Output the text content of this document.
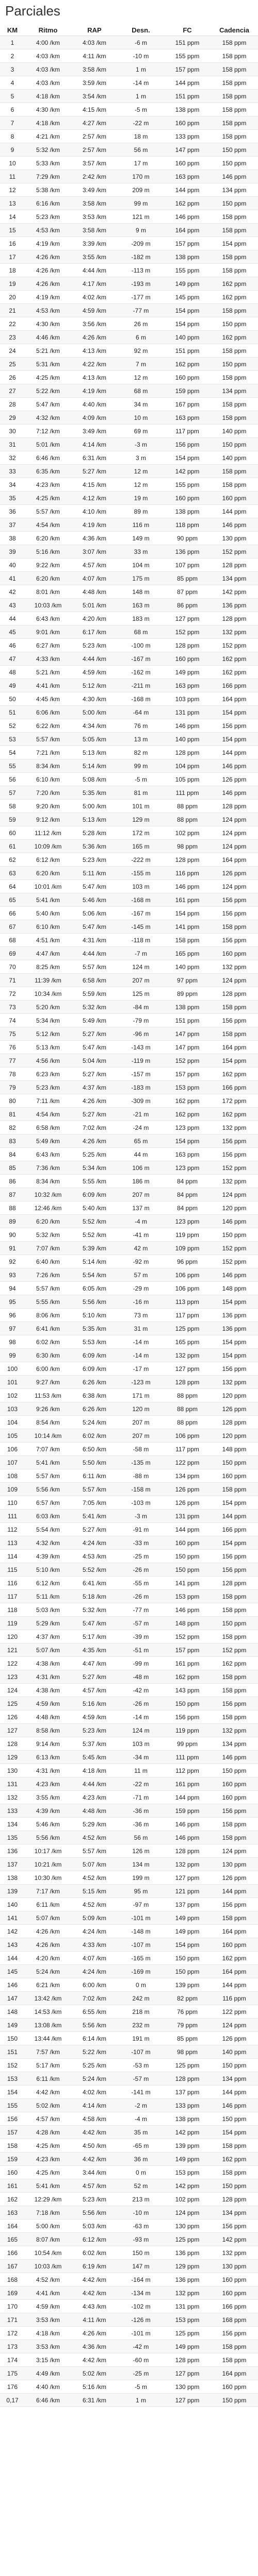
Parciales
KM	Ritmo	RAP	Desn.	FC	Cadencia
1	4:00 /km	4:03 /km	-6 m	151 ppm	158 ppm
2	4:03 /km	4:11 /km	-10 m	155 ppm	158 ppm
3	4:03 /km	3:58 /km	1 m	157 ppm	158 ppm
4	4:03 /km	3:59 /km	-14 m	144 ppm	158 ppm
5	4:18 /km	3:54 /km	1 m	151 ppm	158 ppm
6	4:30 /km	4:15 /km	-5 m	138 ppm	158 ppm
7	4:18 /km	4:27 /km	-22 m	160 ppm	158 ppm
8	4:21 /km	2:57 /km	18 m	133 ppm	158 ppm
9	5:32 /km	2:57 /km	56 m	147 ppm	150 ppm
10	5:33 /km	3:57 /km	17 m	160 ppm	150 ppm
11	7:29 /km	2:42 /km	170 m	163 ppm	146 ppm
12	5:38 /km	3:49 /km	209 m	144 ppm	134 ppm
13	6:16 /km	3:58 /km	99 m	162 ppm	150 ppm
14	5:23 /km	3:53 /km	121 m	146 ppm	158 ppm
15	4:53 /km	3:58 /km	9 m	164 ppm	158 ppm
16	4:19 /km	3:39 /km	-209 m	157 ppm	154 ppm
17	4:26 /km	3:55 /km	-182 m	138 ppm	158 ppm
18	4:26 /km	4:44 /km	-113 m	155 ppm	158 ppm
19	4:26 /km	4:17 /km	-193 m	149 ppm	162 ppm
20	4:19 /km	4:02 /km	-177 m	145 ppm	162 ppm
21	4:53 /km	4:59 /km	-77 m	154 ppm	158 ppm
22	4:30 /km	3:56 /km	26 m	154 ppm	150 ppm
23	4:46 /km	4:26 /km	6 m	140 ppm	162 ppm
24	5:21 /km	4:13 /km	92 m	151 ppm	158 ppm
25	5:31 /km	4:22 /km	7 m	162 ppm	150 ppm
26	4:25 /km	4:13 /km	12 m	160 ppm	158 ppm
27	5:22 /km	4:19 /km	68 m	159 ppm	134 ppm
28	5:47 /km	4:40 /km	34 m	167 ppm	158 ppm
29	4:32 /km	4:09 /km	10 m	163 ppm	158 ppm
30	7:12 /km	3:49 /km	69 m	117 ppm	140 ppm
31	5:01 /km	4:14 /km	-3 m	156 ppm	150 ppm
32	6:46 /km	6:31 /km	3 m	154 ppm	140 ppm
33	6:35 /km	5:27 /km	12 m	142 ppm	158 ppm
34	4:23 /km	4:15 /km	12 m	155 ppm	158 ppm
35	4:25 /km	4:12 /km	19 m	160 ppm	160 ppm
36	5:57 /km	4:10 /km	89 m	138 ppm	144 ppm
37	4:54 /km	4:19 /km	116 m	118 ppm	146 ppm
38	6:20 /km	4:36 /km	149 m	90 ppm	130 ppm
39	5:16 /km	3:07 /km	33 m	136 ppm	152 ppm
40	9:22 /km	4:57 /km	104 m	107 ppm	128 ppm
41	6:20 /km	4:07 /km	175 m	85 ppm	134 ppm
42	8:01 /km	4:48 /km	148 m	87 ppm	142 ppm
43	10:03 /km	5:01 /km	163 m	86 ppm	136 ppm
44	6:43 /km	4:20 /km	183 m	127 ppm	128 ppm
45	9:01 /km	6:17 /km	68 m	152 ppm	132 ppm
46	6:27 /km	5:23 /km	-100 m	128 ppm	152 ppm
47	4:33 /km	4:44 /km	-167 m	160 ppm	162 ppm
48	5:21 /km	4:59 /km	-162 m	149 ppm	162 ppm
49	4:41 /km	5:12 /km	-211 m	163 ppm	166 ppm
50	4:45 /km	4:30 /km	-168 m	103 ppm	164 ppm
51	6:06 /km	5:00 /km	-64 m	131 ppm	154 ppm
52	6:22 /km	4:34 /km	76 m	146 ppm	156 ppm
53	5:57 /km	5:05 /km	13 m	140 ppm	154 ppm
54	7:21 /km	5:13 /km	82 m	128 ppm	144 ppm
55	8:34 /km	5:14 /km	99 m	104 ppm	146 ppm
56	6:10 /km	5:08 /km	-5 m	105 ppm	126 ppm
57	7:20 /km	5:35 /km	81 m	111 ppm	146 ppm
58	9:20 /km	5:00 /km	101 m	88 ppm	128 ppm
59	9:12 /km	5:13 /km	129 m	88 ppm	124 ppm
60	11:12 /km	5:28 /km	172 m	102 ppm	124 ppm
61	10:09 /km	5:36 /km	165 m	98 ppm	124 ppm
62	6:12 /km	5:23 /km	-222 m	128 ppm	164 ppm
63	6:20 /km	5:11 /km	-155 m	116 ppm	126 ppm
64	10:01 /km	5:47 /km	103 m	146 ppm	124 ppm
65	5:41 /km	5:46 /km	-168 m	161 ppm	156 ppm
66	5:40 /km	5:06 /km	-167 m	154 ppm	156 ppm
67	6:10 /km	5:47 /km	-145 m	141 ppm	158 ppm
68	4:51 /km	4:31 /km	-118 m	158 ppm	156 ppm
69	4:47 /km	4:44 /km	-7 m	165 ppm	160 ppm
70	8:25 /km	5:57 /km	124 m	140 ppm	132 ppm
71	11:39 /km	6:58 /km	207 m	97 ppm	124 ppm
72	10:34 /km	5:59 /km	125 m	89 ppm	128 ppm
73	5:20 /km	5:32 /km	-84 m	138 ppm	158 ppm
74	5:34 /km	5:49 /km	-79 m	151 ppm	156 ppm
75	5:12 /km	5:27 /km	-96 m	147 ppm	158 ppm
76	5:13 /km	5:47 /km	-143 m	147 ppm	164 ppm
77	4:56 /km	5:04 /km	-119 m	152 ppm	154 ppm
78	6:23 /km	5:27 /km	-157 m	157 ppm	162 ppm
79	5:23 /km	4:37 /km	-183 m	153 ppm	166 ppm
80	7:11 /km	4:26 /km	-309 m	162 ppm	172 ppm
81	4:54 /km	5:27 /km	-21 m	162 ppm	162 ppm
82	6:58 /km	7:02 /km	-24 m	123 ppm	132 ppm
83	5:49 /km	4:26 /km	65 m	154 ppm	156 ppm
84	6:43 /km	5:25 /km	44 m	163 ppm	156 ppm
85	7:36 /km	5:34 /km	106 m	123 ppm	152 ppm
86	8:34 /km	5:55 /km	186 m	84 ppm	132 ppm
87	10:32 /km	6:09 /km	207 m	84 ppm	124 ppm
88	12:46 /km	5:40 /km	137 m	84 ppm	120 ppm
89	6:20 /km	5:52 /km	-4 m	123 ppm	146 ppm
90	5:32 /km	5:52 /km	-41 m	119 ppm	150 ppm
91	7:07 /km	5:39 /km	42 m	109 ppm	152 ppm
92	6:40 /km	5:14 /km	-92 m	96 ppm	152 ppm
93	7:26 /km	5:54 /km	57 m	106 ppm	146 ppm
94	5:57 /km	6:05 /km	-29 m	106 ppm	148 ppm
95	5:55 /km	5:56 /km	-16 m	113 ppm	154 ppm
96	8:06 /km	5:10 /km	73 m	117 ppm	136 ppm
97	6:41 /km	5:35 /km	31 m	125 ppm	136 ppm
98	6:02 /km	5:53 /km	-14 m	165 ppm	154 ppm
99	6:30 /km	6:09 /km	-14 m	132 ppm	154 ppm
100	6:00 /km	6:09 /km	-17 m	127 ppm	156 ppm
101	9:27 /km	6:26 /km	-123 m	128 ppm	132 ppm
102	11:53 /km	6:38 /km	171 m	88 ppm	120 ppm
103	9:26 /km	6:26 /km	120 m	88 ppm	126 ppm
104	8:54 /km	5:24 /km	207 m	88 ppm	128 ppm
105	10:14 /km	6:02 /km	207 m	106 ppm	120 ppm
106	7:07 /km	6:50 /km	-58 m	117 ppm	148 ppm
107	5:41 /km	5:50 /km	-135 m	122 ppm	150 ppm
108	5:57 /km	6:11 /km	-88 m	134 ppm	160 ppm
109	5:56 /km	5:57 /km	-158 m	126 ppm	158 ppm
110	6:57 /km	7:05 /km	-103 m	126 ppm	154 ppm
111	6:03 /km	5:41 /km	-3 m	131 ppm	144 ppm
112	5:54 /km	5:27 /km	-91 m	144 ppm	166 ppm
113	4:32 /km	4:24 /km	-33 m	160 ppm	154 ppm
114	4:39 /km	4:53 /km	-25 m	150 ppm	156 ppm
115	5:10 /km	5:52 /km	-26 m	150 ppm	156 ppm
116	6:12 /km	6:41 /km	-55 m	141 ppm	128 ppm
117	5:11 /km	5:18 /km	-26 m	153 ppm	158 ppm
118	5:03 /km	5:32 /km	-77 m	146 ppm	158 ppm
119	5:29 /km	5:47 /km	-57 m	148 ppm	150 ppm
120	4:37 /km	5:17 /km	-39 m	152 ppm	158 ppm
121	5:07 /km	4:35 /km	-51 m	157 ppm	152 ppm
122	4:38 /km	4:47 /km	-99 m	161 ppm	162 ppm
123	4:31 /km	5:27 /km	-48 m	162 ppm	158 ppm
124	4:38 /km	4:57 /km	-42 m	143 ppm	158 ppm
125	4:59 /km	5:16 /km	-26 m	150 ppm	156 ppm
126	4:48 /km	4:59 /km	-14 m	156 ppm	158 ppm
127	8:58 /km	5:23 /km	124 m	119 ppm	132 ppm
128	9:14 /km	5:37 /km	103 m	99 ppm	134 ppm
129	6:13 /km	5:45 /km	-34 m	111 ppm	146 ppm
130	4:31 /km	4:18 /km	11 m	112 ppm	150 ppm
131	4:23 /km	4:44 /km	-22 m	161 ppm	160 ppm
132	3:55 /km	4:23 /km	-71 m	144 ppm	160 ppm
133	4:39 /km	4:48 /km	-36 m	159 ppm	156 ppm
134	5:46 /km	5:29 /km	-36 m	146 ppm	158 ppm
135	5:56 /km	4:52 /km	56 m	146 ppm	158 ppm
136	10:17 /km	5:57 /km	126 m	128 ppm	124 ppm
137	10:21 /km	5:07 /km	134 m	132 ppm	130 ppm
138	10:30 /km	4:52 /km	199 m	127 ppm	126 ppm
139	7:17 /km	5:15 /km	95 m	121 ppm	144 ppm
140	6:11 /km	4:52 /km	-97 m	137 ppm	156 ppm
141	5:07 /km	5:09 /km	-101 m	149 ppm	158 ppm
142	4:26 /km	4:24 /km	-148 m	149 ppm	164 ppm
143	4:26 /km	4:33 /km	-107 m	154 ppm	160 ppm
144	4:20 /km	4:07 /km	-165 m	150 ppm	162 ppm
145	5:24 /km	4:24 /km	-169 m	150 ppm	164 ppm
146	6:21 /km	6:00 /km	0 m	139 ppm	144 ppm
147	13:42 /km	7:02 /km	242 m	82 ppm	116 ppm
148	14:53 /km	6:55 /km	218 m	76 ppm	122 ppm
149	13:08 /km	5:56 /km	232 m	79 ppm	124 ppm
150	13:44 /km	6:14 /km	191 m	85 ppm	126 ppm
151	7:57 /km	5:22 /km	-107 m	98 ppm	140 ppm
152	5:17 /km	5:25 /km	-53 m	125 ppm	150 ppm
153	6:11 /km	5:24 /km	-57 m	128 ppm	134 ppm
154	4:42 /km	4:02 /km	-141 m	137 ppm	144 ppm
155	5:02 /km	4:14 /km	-2 m	133 ppm	146 ppm
156	4:57 /km	4:58 /km	-4 m	138 ppm	150 ppm
157	4:28 /km	4:42 /km	35 m	142 ppm	154 ppm
158	4:25 /km	4:50 /km	-65 m	139 ppm	158 ppm
159	4:23 /km	4:42 /km	36 m	149 ppm	162 ppm
160	4:25 /km	3:44 /km	0 m	153 ppm	158 ppm
161	5:41 /km	4:57 /km	52 m	142 ppm	150 ppm
162	12:29 /km	5:23 /km	213 m	102 ppm	128 ppm
163	7:18 /km	5:56 /km	-10 m	124 ppm	134 ppm
164	5:00 /km	5:03 /km	-63 m	130 ppm	156 ppm
165	8:07 /km	6:12 /km	-93 m	125 ppm	142 ppm
166	10:54 /km	6:02 /km	150 m	136 ppm	132 ppm
167	10:03 /km	6:19 /km	147 m	129 ppm	130 ppm
168	4:52 /km	4:42 /km	-164 m	136 ppm	160 ppm
169	4:41 /km	4:42 /km	-134 m	132 ppm	160 ppm
170	4:59 /km	4:43 /km	-102 m	131 ppm	166 ppm
171	3:53 /km	4:11 /km	-126 m	153 ppm	168 ppm
172	4:18 /km	4:26 /km	-101 m	125 ppm	156 ppm
173	3:53 /km	4:36 /km	-42 m	149 ppm	158 ppm
174	3:15 /km	4:42 /km	-60 m	128 ppm	158 ppm
175	4:49 /km	5:02 /km	-25 m	127 ppm	164 ppm
176	4:40 /km	5:16 /km	-5 m	130 ppm	160 ppm
0,17	6:46 /km	6:31 /km	1 m	127 ppm	150 ppm
